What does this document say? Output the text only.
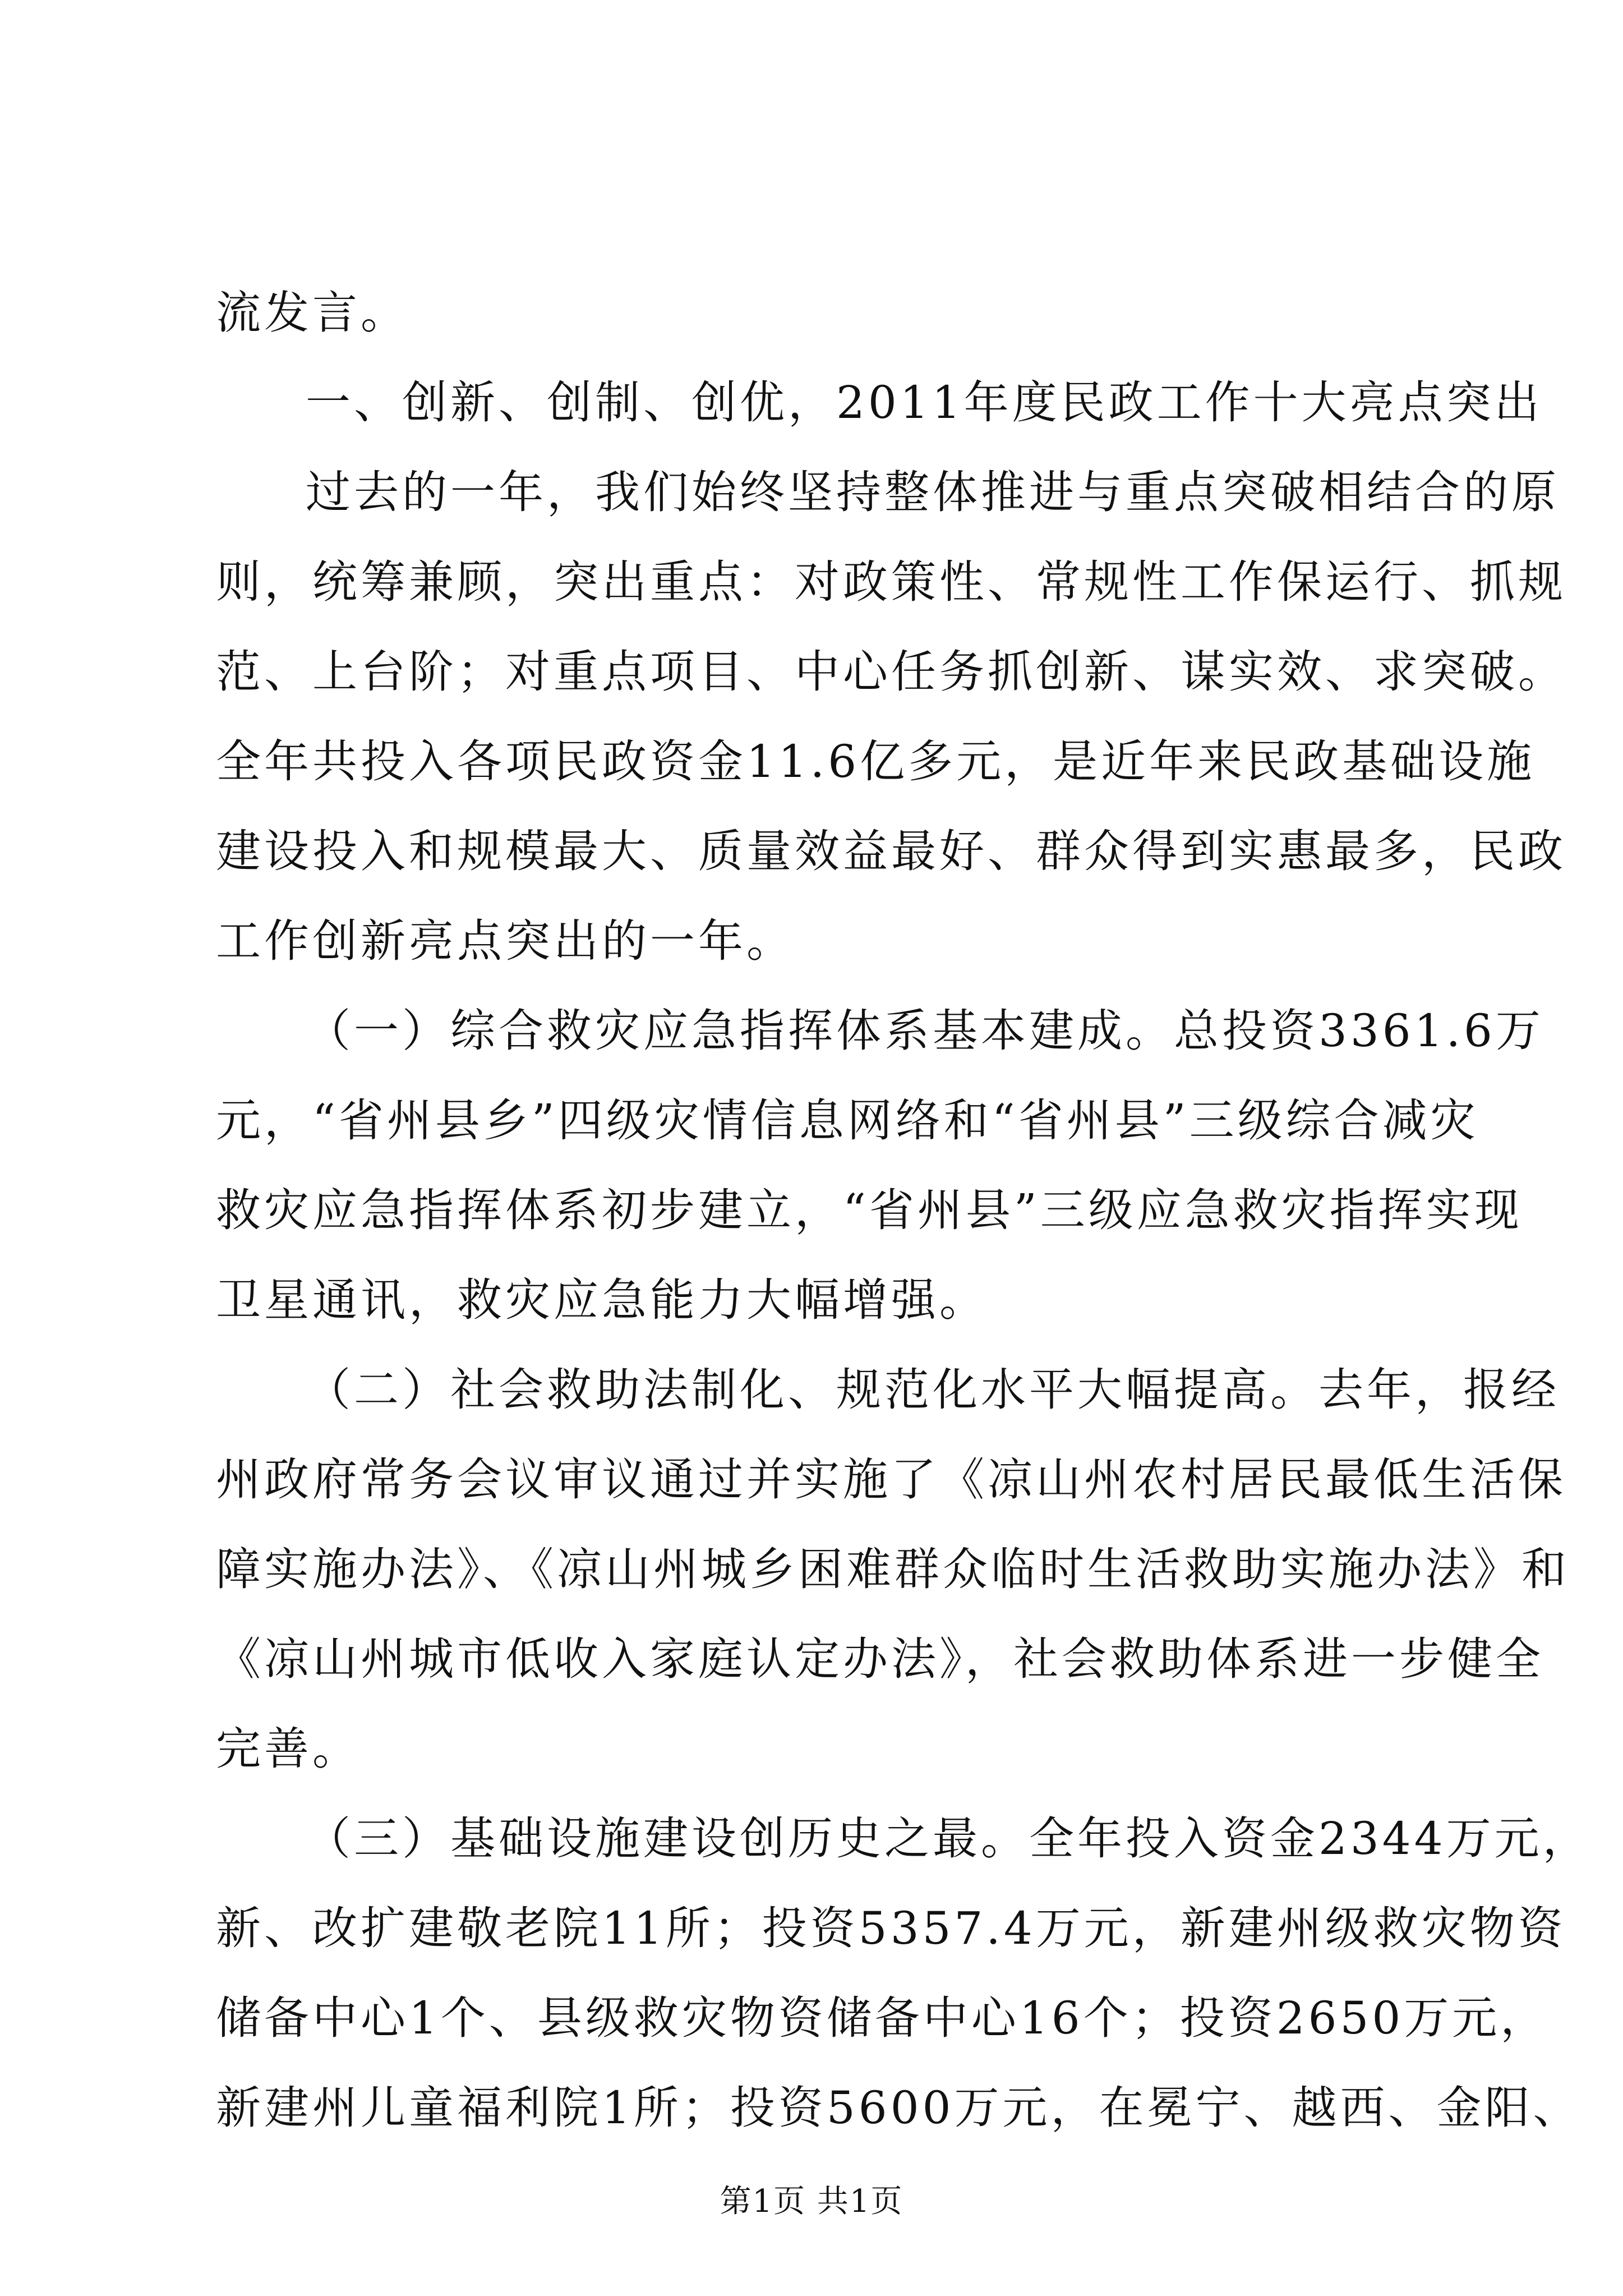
流发言。
一、创新、创制、创优，2011年度民政工作十大亮点突出
过去的一年，我们始终坚持整体推进与重点突破相结合的原
则，统筹兼顾，突出重点：对政策性、常规性工作保运行、抓规
范、上台阶；对重点项目、中心任务抓创新、谋实效、求突破。
全年共投入各项民政资金11.6亿多元，是近年来民政基础设施
建设投入和规模最大、质量效益最好、群众得到实惠最多，民政
工作创新亮点突出的一年。
（一）综合救灾应急指挥体系基本建成。总投资3361.6万
元，“省州县乡”四级灾情信息网络和“省州县”三级综合减灾
救灾应急指挥体系初步建立，“省州县”三级应急救灾指挥实现
卫星通讯，救灾应急能力大幅增强。
（二）社会救助法制化、规范化水平大幅提高。去年，报经
州政府常务会议审议通过并实施了《凉山州农村居民最低生活保
障实施办法》、《凉山州城乡困难群众临时生活救助实施办法》和
《凉山州城市低收入家庭认定办法》，社会救助体系进一步健全
完善。
（三）基础设施建设创历史之最。全年投入资金2344万元，
新、改扩建敬老院11所；投资5357.4万元，新建州级救灾物资
储备中心1个、县级救灾物资储备中心16个；投资2650万元，
新建州儿童福利院1所；投资5600万元，在冕宁、越西、金阳、
第1页 共1页
